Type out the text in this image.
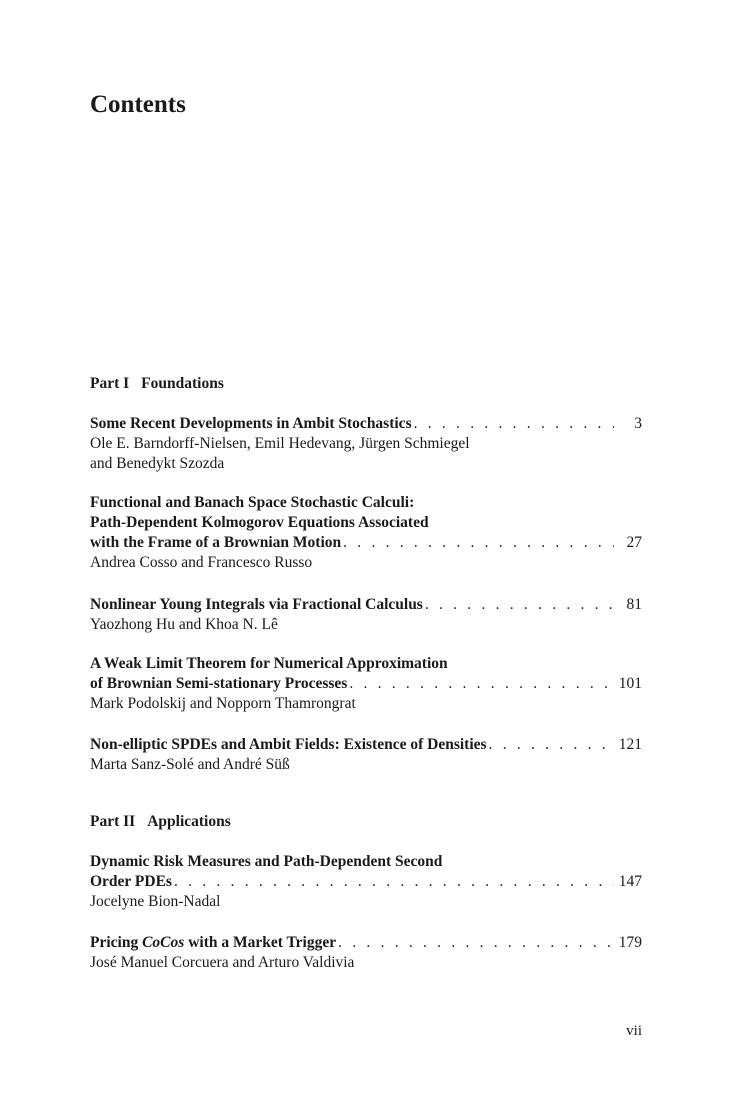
Contents
Part I Foundations
Some Recent Developments in Ambit Stochastics . . .	3
Ole E. Barndorff-Nielsen, Emil Hedevang, Jürgen Schmiegel
and Benedykt Szozda
Functional and Banach Space Stochastic Calculi:
Path-Dependent Kolmogorov Equations Associated
with the Frame of a Brownian Motion . . .	27
Andrea Cosso and Francesco Russo
Nonlinear Young Integrals via Fractional Calculus . . .	81
Yaozhong Hu and Khoa N. Lê
A Weak Limit Theorem for Numerical Approximation
of Brownian Semi-stationary Processes . . .	101
Mark Podolskij and Nopporn Thamrongrat
Non-elliptic SPDEs and Ambit Fields: Existence of Densities . . .	121
Marta Sanz-Solé and André Süß
Part II Applications
Dynamic Risk Measures and Path-Dependent Second
Order PDEs . . .	147
Jocelyne Bion-Nadal
Pricing CoCos with a Market Trigger . . .	179
José Manuel Corcuera and Arturo Valdivia
vii
